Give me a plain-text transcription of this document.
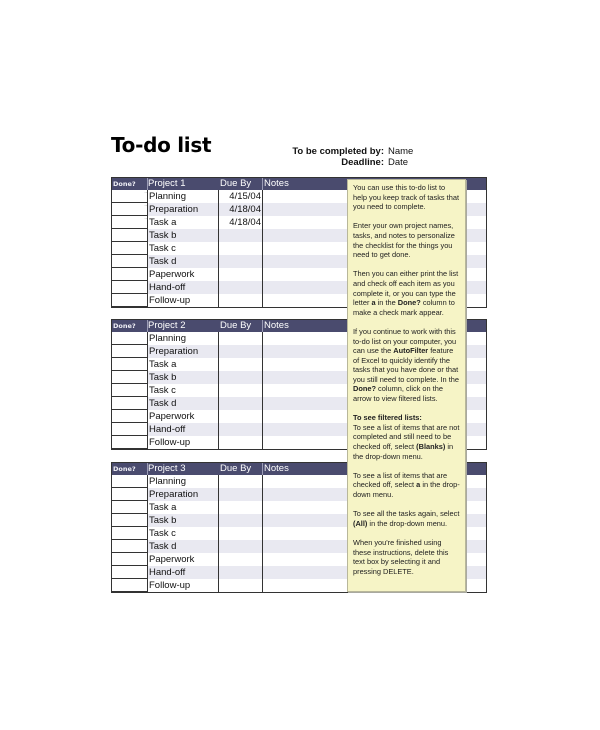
To-do list	To be completed by: Name
Deadline: Date
Done? Project 1	Due By Notes
¨ Planning	4/15/04
¨ Preparation	4/18/04
¨ Task a	4/18/04
Task b
Task c
Task d
Paperwork
Hand-off
Follow-up
Done? Project 2	Due By Notes
Planning
Preparation
Task a
Task b
Task c
Task d
Paperwork
Hand-off
Follow-up
Done? Project 3	Due By Notes
Planning
Preparation
Task a
Task b
Task c
Task d
Paperwork
Hand-off
Follow-up

You can use this to-do list to help you keep track of tasks that you need to complete.

Enter your own project names, tasks, and notes to personalize the checklist for the things you need to get done.

Then you can either print the list and check off each item as you complete it, or you can type the letter a in the Done? column to make a check mark appear.

If you continue to work with this to-do list on your computer, you can use the AutoFilter feature of Excel to quickly identify the tasks that you have done or that you still need to complete. In the Done? column, click on the arrow to view filtered lists.

To see filtered lists:

To see a list of items that are not completed and still need to be checked off, select (Blanks) in the drop-down menu.

To see a list of items that are checked off, select a in the drop-down menu.

To see all the tasks again, select (All) in the drop-down menu.

When you're finished using these instructions, delete this text box by selecting it and pressing DELETE.
